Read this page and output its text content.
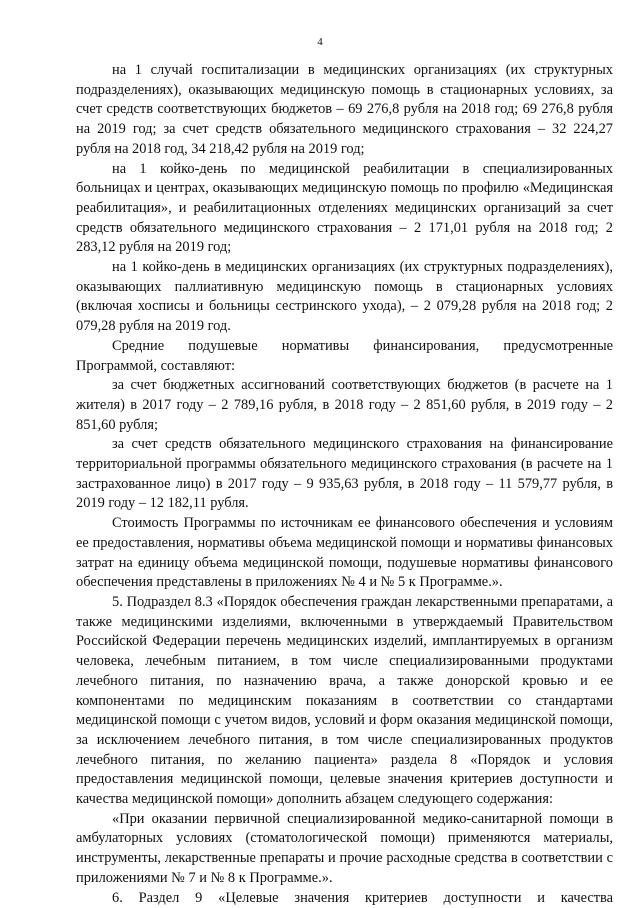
4

на 1 случай госпитализации в медицинских организациях (их структурных подразделениях), оказывающих медицинскую помощь в стационарных условиях, за счет средств соответствующих бюджетов – 69 276,8 рубля на 2018 год; 69 276,8 рубля на 2019 год; за счет средств обязательного медицинского страхования – 32 224,27 рубля на 2018 год, 34 218,42 рубля на 2019 год;

на 1 койко-день по медицинской реабилитации в специализированных больницах и центрах, оказывающих медицинскую помощь по профилю «Медицинская реабилитация», и реабилитационных отделениях медицинских организаций за счет средств обязательного медицинского страхования – 2 171,01 рубля на 2018 год; 2 283,12 рубля на 2019 год;

на 1 койко-день в медицинских организациях (их структурных подразделениях), оказывающих паллиативную медицинскую помощь в стационарных условиях (включая хосписы и больницы сестринского ухода), – 2 079,28 рубля на 2018 год; 2 079,28 рубля на 2019 год.

Средние подушевые нормативы финансирования, предусмотренные Программой, составляют:

за счет бюджетных ассигнований соответствующих бюджетов (в расчете на 1 жителя) в 2017 году – 2 789,16 рубля, в 2018 году – 2 851,60 рубля, в 2019 году – 2 851,60 рубля;

за счет средств обязательного медицинского страхования на финансирование территориальной программы обязательного медицинского страхования (в расчете на 1 застрахованное лицо) в 2017 году – 9 935,63 рубля, в 2018 году – 11 579,77 рубля, в 2019 году – 12 182,11 рубля.

Стоимость Программы по источникам ее финансового обеспечения и условиям ее предоставления, нормативы объема медицинской помощи и нормативы финансовых затрат на единицу объема медицинской помощи, подушевые нормативы финансового обеспечения представлены в приложениях № 4 и № 5 к Программе.».

5. Подраздел 8.3 «Порядок обеспечения граждан лекарственными препаратами, а также медицинскими изделиями, включенными в утверждаемый Правительством Российской Федерации перечень медицинских изделий, имплантируемых в организм человека, лечебным питанием, в том числе специализированными продуктами лечебного питания, по назначению врача, а также донорской кровью и ее компонентами по медицинским показаниям в соответствии со стандартами медицинской помощи с учетом видов, условий и форм оказания медицинской помощи, за исключением лечебного питания, в том числе специализированных продуктов лечебного питания, по желанию пациента» раздела 8 «Порядок и условия предоставления медицинской помощи, целевые значения критериев доступности и качества медицинской помощи» дополнить абзацем следующего содержания:

«При оказании первичной специализированной медико-санитарной помощи в амбулаторных условиях (стоматологической помощи) применяются материалы, инструменты, лекарственные препараты и прочие расходные средства в соответствии с приложениями № 7 и № 8 к Программе.».

6. Раздел 9 «Целевые значения критериев доступности и качества
